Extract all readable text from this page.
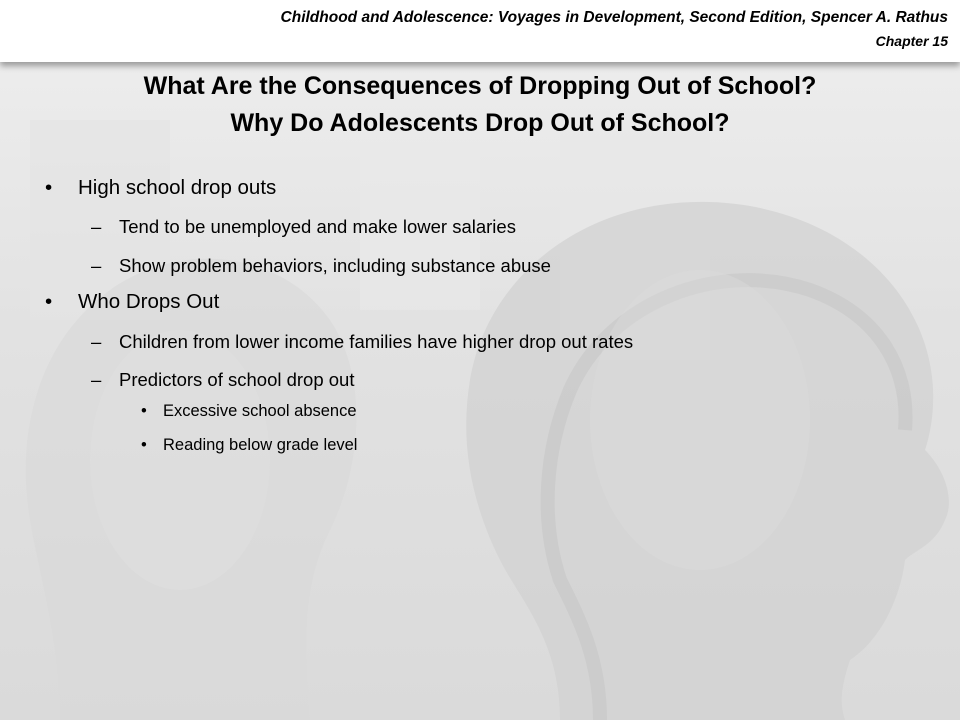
Childhood and Adolescence: Voyages in Development, Second Edition, Spencer A. Rathus
Chapter 15
What Are the Consequences of Dropping Out of School?
Why Do Adolescents Drop Out of School?
• High school drop outs
– Tend to be unemployed and make lower salaries
– Show problem behaviors, including substance abuse
• Who Drops Out
– Children from lower income families have higher drop out rates
– Predictors of school drop out
• Excessive school absence
• Reading below grade level
